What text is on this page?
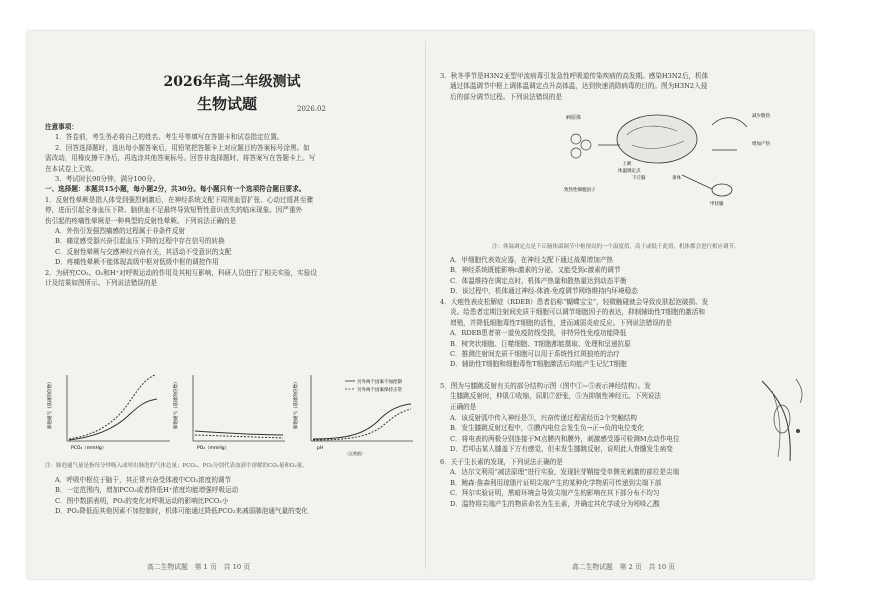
2026年高二年级测试
生物试题	2026.02

注意事项：

1．答卷前，考生务必将自己的姓名、考生号等填写在答题卡和试卷指定位置。

2．回答选择题时，选出每小题答案后，用铅笔把答题卡上对应题目的答案标号涂黑。如

需改动，用橡皮擦干净后，再选涂其他答案标号。回答非选择题时，将答案写在答题卡上。写

在本试卷上无效。

3．考试时长90分钟，满分100分。

一、选择题：本题共15小题，每小题2分，共30分。每小题只有一个选项符合题目要求。

1．反射性晕厥是指人体受到强烈刺激后，在神经系统支配下周围血管扩张、心动过缓甚至骤

停，进而引起全身血压下降、脑供血不足最终导致短暂性意识丧失的临床现象。因严重外

伤引起的疼痛性晕厥是一种典型的反射性晕厥。下列说法正确的是

A．外伤引发强烈痛感的过程属于非条件反射

B．痛觉感受器兴奋引起血压下降的过程中存在信号的转换

C．反射性晕厥与交感神经兴奋有关，其活动不受意识的支配

D．疼痛性晕厥不能体现高级中枢对低级中枢的调控作用

2．为研究CO₂、O₂和H⁺对呼吸运动的作用及其相互影响，科研人员进行了相关实验，实验设

计及结果如图所示。下列说法错误的是

肺泡通气（基础的倍数）
PCO₂（mmHg）
肺泡通气（基础的倍数）
PO₂（mmHg）
另外两个因素不加控制
另外两个因素保持正常
肺泡通气（基础的倍数）
pH
（正常值）
注：肺泡通气量是指每分钟吸入或呼出肺泡的气体总量；PCO₂、PO₂分别代表血液中溶解的CO₂量和O₂量。

A．呼吸中枢位于脑干，其正常兴奋受体液中CO₂浓度的调节

B．一定范围内，增加PCO₂或者降低H⁺浓度均能增强呼吸运动

C．图中数据表明，PO₂的变化对呼吸运动的影响比PCO₂小

D．PO₂降低而其他因素不加控制时，机体可能通过降低PCO₂来减弱肺泡通气量的变化

高二生物试题　第 1 页　共 10 页

3．秋冬季节是H3N2亚型甲流病毒引发急性呼吸道传染疾病的高发期。感染H3N2后，机体

通过体温调节中枢上调体温调定点升高体温，达到快速消除病毒的目的。图为H3N2入侵

后的部分调节过程。下列说法错误的是

病原体
上调
体温调定点
下丘脑	垂体
致热性细胞因子
减少散热
增加产热
甲状腺
注：体温调定点是下丘脑体温调节中枢预设的一个温度值，高于或低于此值，机体都会进行相应调节。

A．甲细胞代表效应器，在神经支配下通过战栗增加产热

B．神经系统既能影响c激素的分泌，又能受到c激素的调节

C．体温维持在调定点时，机体产热量和散热量达到动态平衡

D．该过程中，机体通过神经-体液-免疫调节网络维持内环境稳态

4．大疱性表皮松解症（RDEB）患者俗称“蝴蝶宝宝”，轻微触碰就会导致皮肤起泡破损、发

炎。给患者定期注射间充质干细胞可以调节细胞因子的表达，抑制辅助性T细胞的激活和

增殖，并降低细胞毒性T细胞的活性，进而减弱炎症反应。下列说法错误的是

A．RDEB患者第一道免疫防线受损，非特异性免疫功能降低

B．树突状细胞、巨噬细胞、T细胞都能摄取、处理和呈递抗原

C．推测注射间充质干细胞可以用于系统性红斑狼疮的治疗

D．辅助性T细胞和细胞毒性T细胞激活后均能产生记忆T细胞

5．图为与膝跳反射有关的部分结构示图（图中①~⑤表示神经结构）。发

生膝跳反射时，伸肌①收缩，屈肌⑦舒张，⑤为抑制性神经元。下列说法

正确的是

A．该反射弧中传入神经是③，兴奋传递过程需经历2个突触结构

B．发生膝跳反射过程中，⑤膜内电位会发生负→正→负的电位变化

C．将电表的两极分别连接于M点膜内和膜外，刺激感受器可检测M点动作电位

D．若叩击某人膝盖下方有感觉，但未发生膝跳反射，说明此人脊髓发生病变

6．关于生长素的发现，下列说法正确的是

A．达尔文利用“减法原理”进行实验，发现胚芽鞘接受单侧光刺激的部位是尖端

B．鲍森·詹森利用琼脂片证明尖端产生的某种化学物质可传递到尖端下部

C．拜尔实验证明，黑暗环境会导致尖端产生的影响在其下部分布不均匀

D．温特将尖端产生的物质命名为生长素，并确定其化学成分为吲哚乙酸

高二生物试题　第 2 页　共 10 页
